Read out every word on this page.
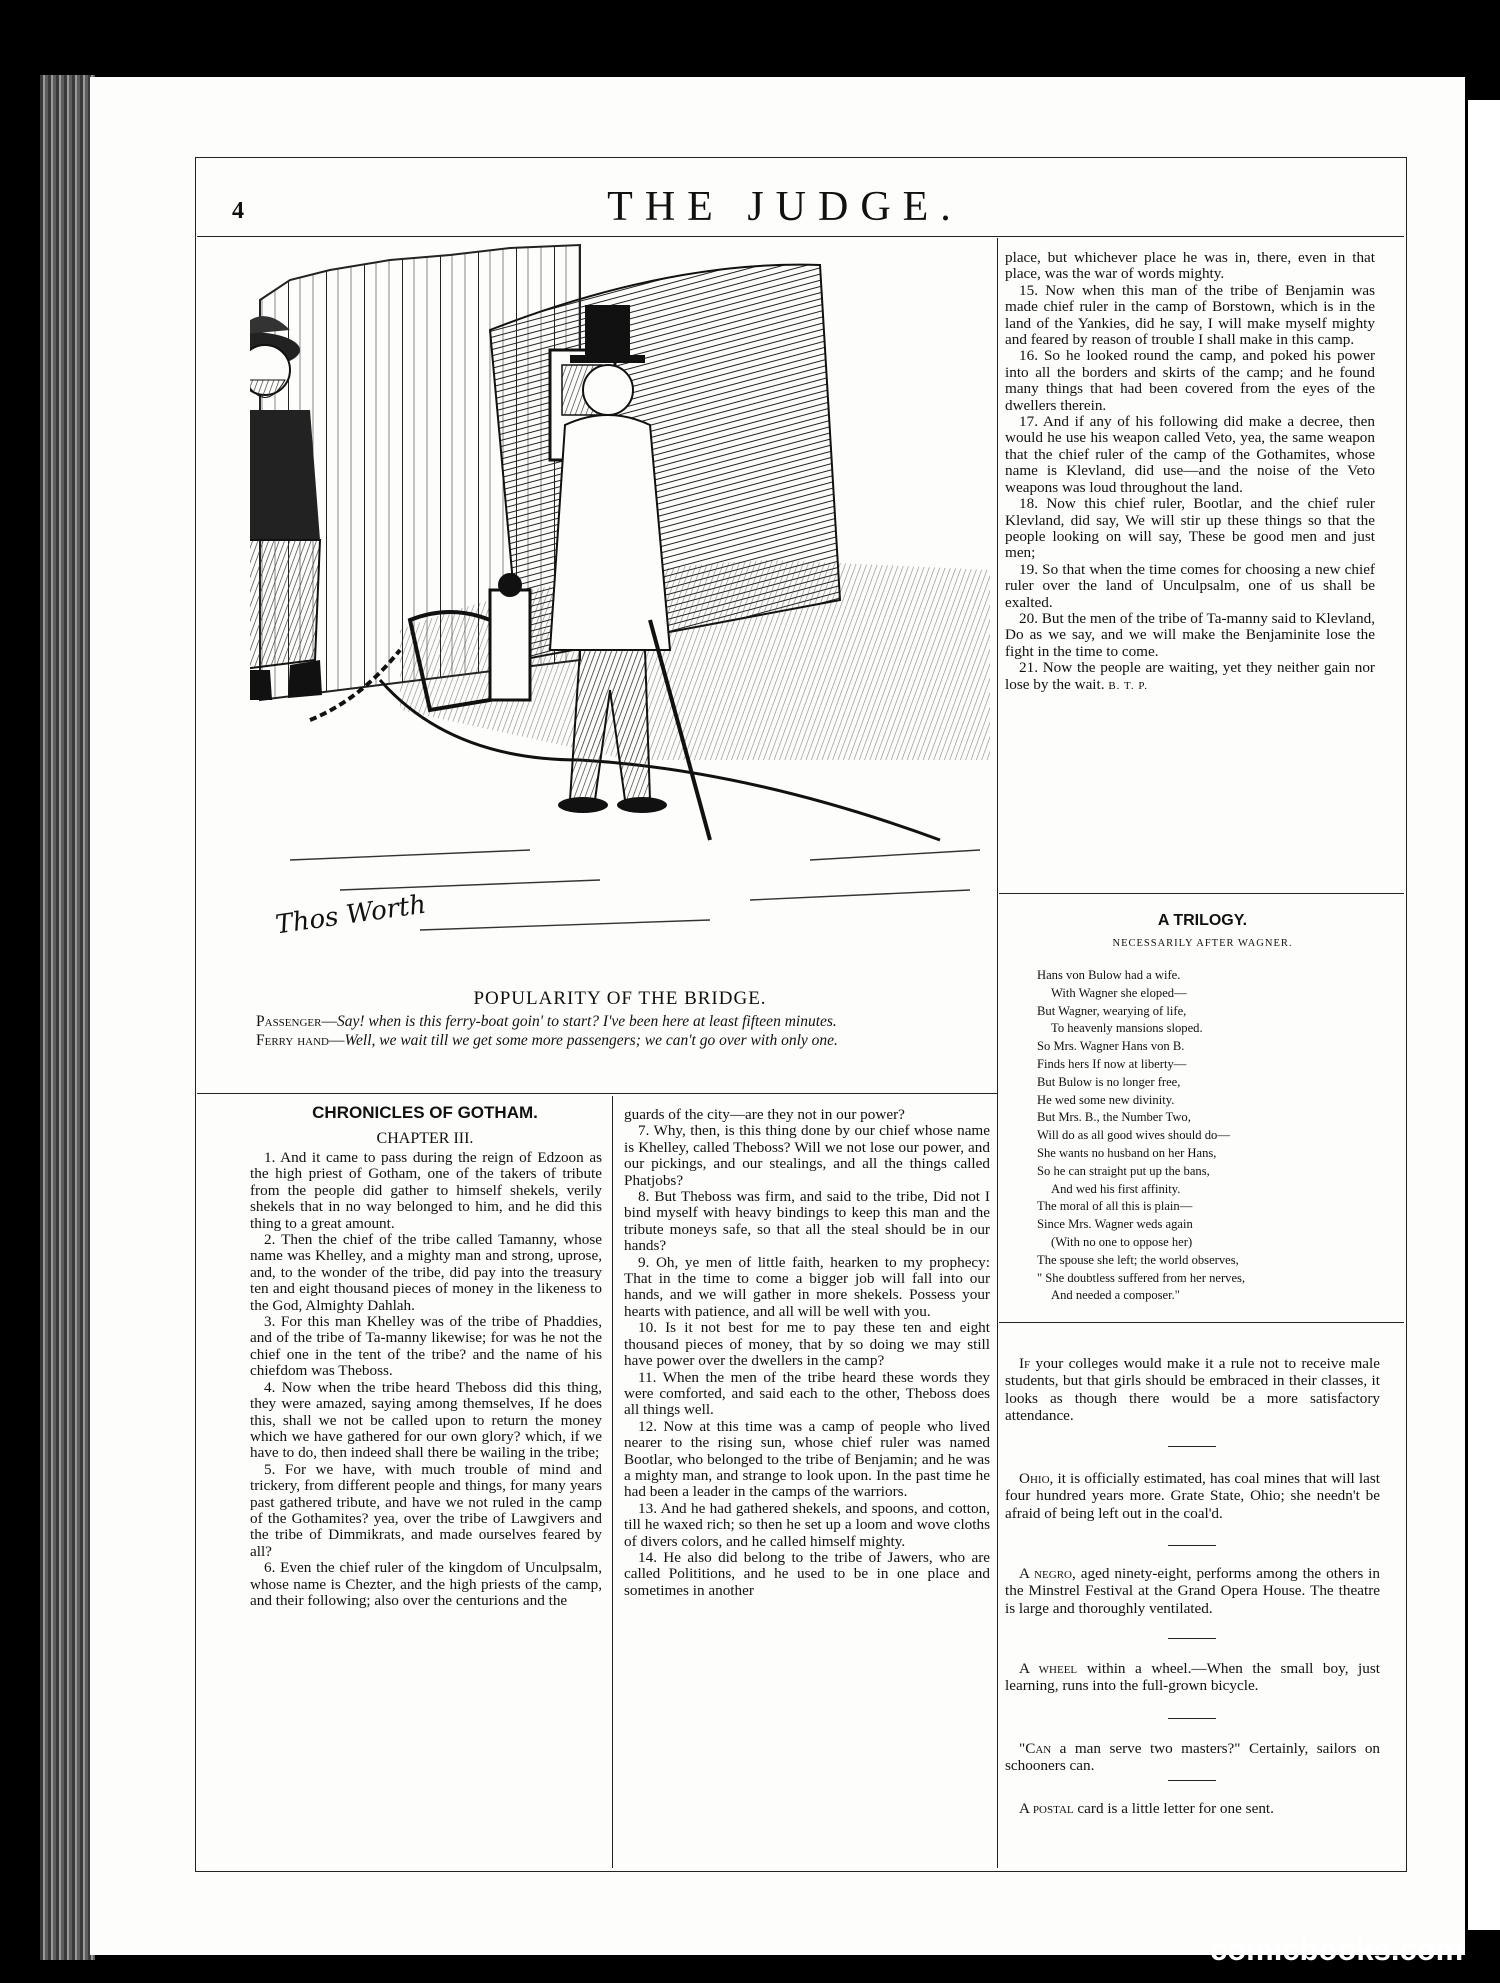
4	THE JUDGE.
Thos Worth
POPULARITY OF THE BRIDGE.
Passenger—Say! when is this ferry-boat goin' to start? I've been here at least fifteen minutes.
Ferry hand—Well, we wait till we get some more passengers; we can't go over with only one.
CHRONICLES OF GOTHAM.
CHAPTER III.

1. And it came to pass during the reign of Edzoon as the high priest of Gotham, one of the takers of tribute from the people did gather to himself shekels, verily shekels that in no way belonged to him, and he did this thing to a great amount.

2. Then the chief of the tribe called Tamanny, whose name was Khelley, and a mighty man and strong, uprose, and, to the wonder of the tribe, did pay into the treasury ten and eight thousand pieces of money in the likeness to the God, Almighty Dahlah.

3. For this man Khelley was of the tribe of Phaddies, and of the tribe of Ta-manny likewise; for was he not the chief one in the tent of the tribe? and the name of his chiefdom was Theboss.

4. Now when the tribe heard Theboss did this thing, they were amazed, saying among themselves, If he does this, shall we not be called upon to return the money which we have gathered for our own glory? which, if we have to do, then indeed shall there be wailing in the tribe;

5. For we have, with much trouble of mind and trickery, from different people and things, for many years past gathered tribute, and have we not ruled in the camp of the Gothamites? yea, over the tribe of Lawgivers and the tribe of Dimmikrats, and made ourselves feared by all?

6. Even the chief ruler of the kingdom of Unculpsalm, whose name is Chezter, and the high priests of the camp, and their following; also over the centurions and the

guards of the city—are they not in our power?

7. Why, then, is this thing done by our chief whose name is Khelley, called Theboss? Will we not lose our power, and our pickings, and our stealings, and all the things called Phatjobs?

8. But Theboss was firm, and said to the tribe, Did not I bind myself with heavy bindings to keep this man and the tribute moneys safe, so that all the steal should be in our hands?

9. Oh, ye men of little faith, hearken to my prophecy: That in the time to come a bigger job will fall into our hands, and we will gather in more shekels. Possess your hearts with patience, and all will be well with you.

10. Is it not best for me to pay these ten and eight thousand pieces of money, that by so doing we may still have power over the dwellers in the camp?

11. When the men of the tribe heard these words they were comforted, and said each to the other, Theboss does all things well.

12. Now at this time was a camp of people who lived nearer to the rising sun, whose chief ruler was named Bootlar, who belonged to the tribe of Benjamin; and he was a mighty man, and strange to look upon. In the past time he had been a leader in the camps of the warriors.

13. And he had gathered shekels, and spoons, and cotton, till he waxed rich; so then he set up a loom and wove cloths of divers colors, and he called himself mighty.

14. He also did belong to the tribe of Jawers, who are called Polititions, and he used to be in one place and sometimes in another

place, but whichever place he was in, there, even in that place, was the war of words mighty.

15. Now when this man of the tribe of Benjamin was made chief ruler in the camp of Borstown, which is in the land of the Yankies, did he say, I will make myself mighty and feared by reason of trouble I shall make in this camp.

16. So he looked round the camp, and poked his power into all the borders and skirts of the camp; and he found many things that had been covered from the eyes of the dwellers therein.

17. And if any of his following did make a decree, then would he use his weapon called Veto, yea, the same weapon that the chief ruler of the camp of the Gothamites, whose name is Klevland, did use—and the noise of the Veto weapons was loud throughout the land.

18. Now this chief ruler, Bootlar, and the chief ruler Klevland, did say, We will stir up these things so that the people looking on will say, These be good men and just men;

19. So that when the time comes for choosing a new chief ruler over the land of Unculpsalm, one of us shall be exalted.

20. But the men of the tribe of Ta-manny said to Klevland, Do as we say, and we will make the Benjaminite lose the fight in the time to come.

21. Now the people are waiting, yet they neither gain nor lose by the wait. B. T. P.

A TRILOGY.
NECESSARILY AFTER WAGNER.
Hans von Bulow had a wife.
With Wagner she eloped—
But Wagner, wearying of life,
To heavenly mansions sloped.
So Mrs. Wagner Hans von B.
Finds hers If now at liberty—
But Bulow is no longer free,
He wed some new divinity.
But Mrs. B., the Number Two,
Will do as all good wives should do—
She wants no husband on her Hans,
So he can straight put up the bans,
And wed his first affinity.
The moral of all this is plain—
Since Mrs. Wagner weds again
(With no one to oppose her)
The spouse she left; the world observes,
" She doubtless suffered from her nerves,
And needed a composer."

If your colleges would make it a rule not to receive male students, but that girls should be embraced in their classes, it looks as though there would be a more satisfactory attendance.

Ohio, it is officially estimated, has coal mines that will last four hundred years more. Grate State, Ohio; she needn't be afraid of being left out in the coal'd.

A negro, aged ninety-eight, performs among the others in the Minstrel Festival at the Grand Opera House. The theatre is large and thoroughly ventilated.

A wheel within a wheel.—When the small boy, just learning, runs into the full-grown bicycle.

"Can a man serve two masters?" Certainly, sailors on schooners can.

A postal card is a little letter for one sent.

comicbooks.com
